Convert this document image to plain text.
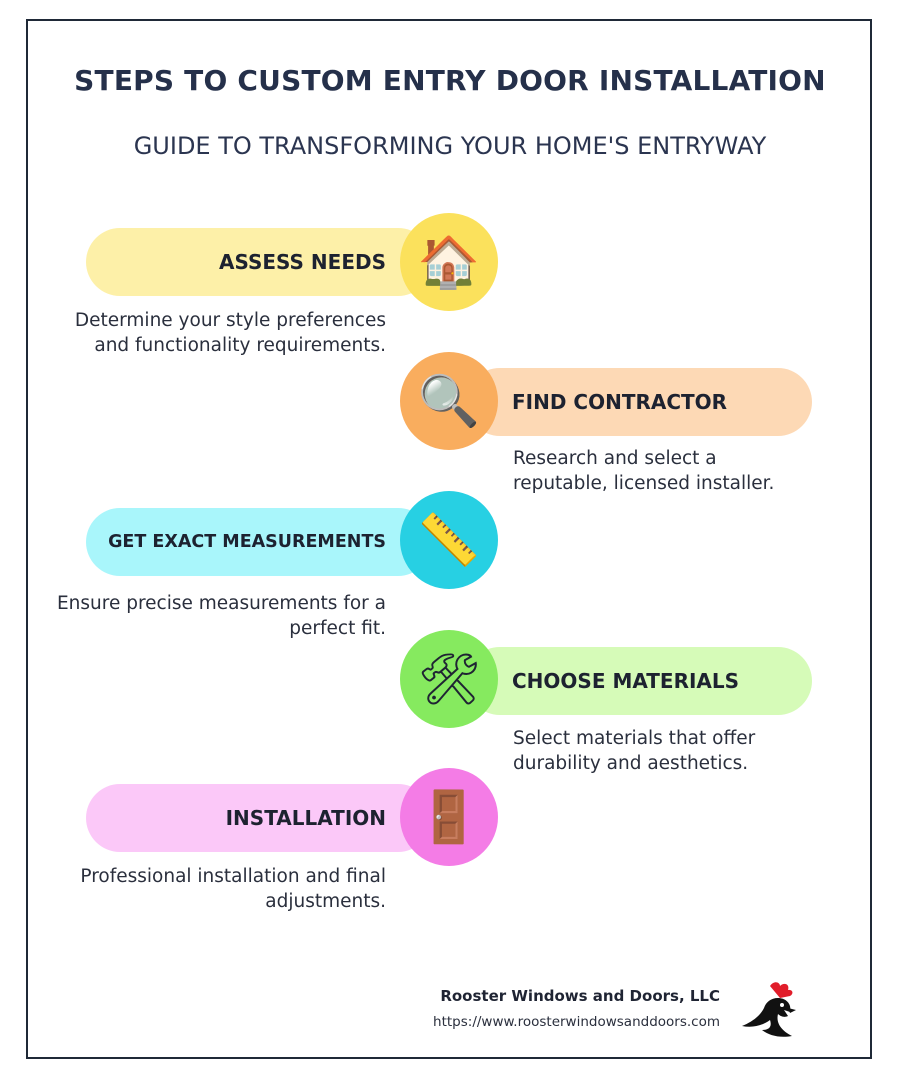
STEPS TO CUSTOM ENTRY DOOR INSTALLATION
GUIDE TO TRANSFORMING YOUR HOME'S ENTRYWAY
ASSESS NEEDS 🏠
Determine your style preferences and functionality requirements.
FIND CONTRACTOR
🔍
Research and select a reputable, licensed installer.
GET EXACT MEASUREMENTS 📏
Ensure precise measurements for a perfect fit.
CHOOSE MATERIALS
🛠
Select materials that offer durability and aesthetics.
INSTALLATION 🚪
Professional installation and final adjustments.
Rooster Windows and Doors, LLC
https://www.roosterwindowsanddoors.com
